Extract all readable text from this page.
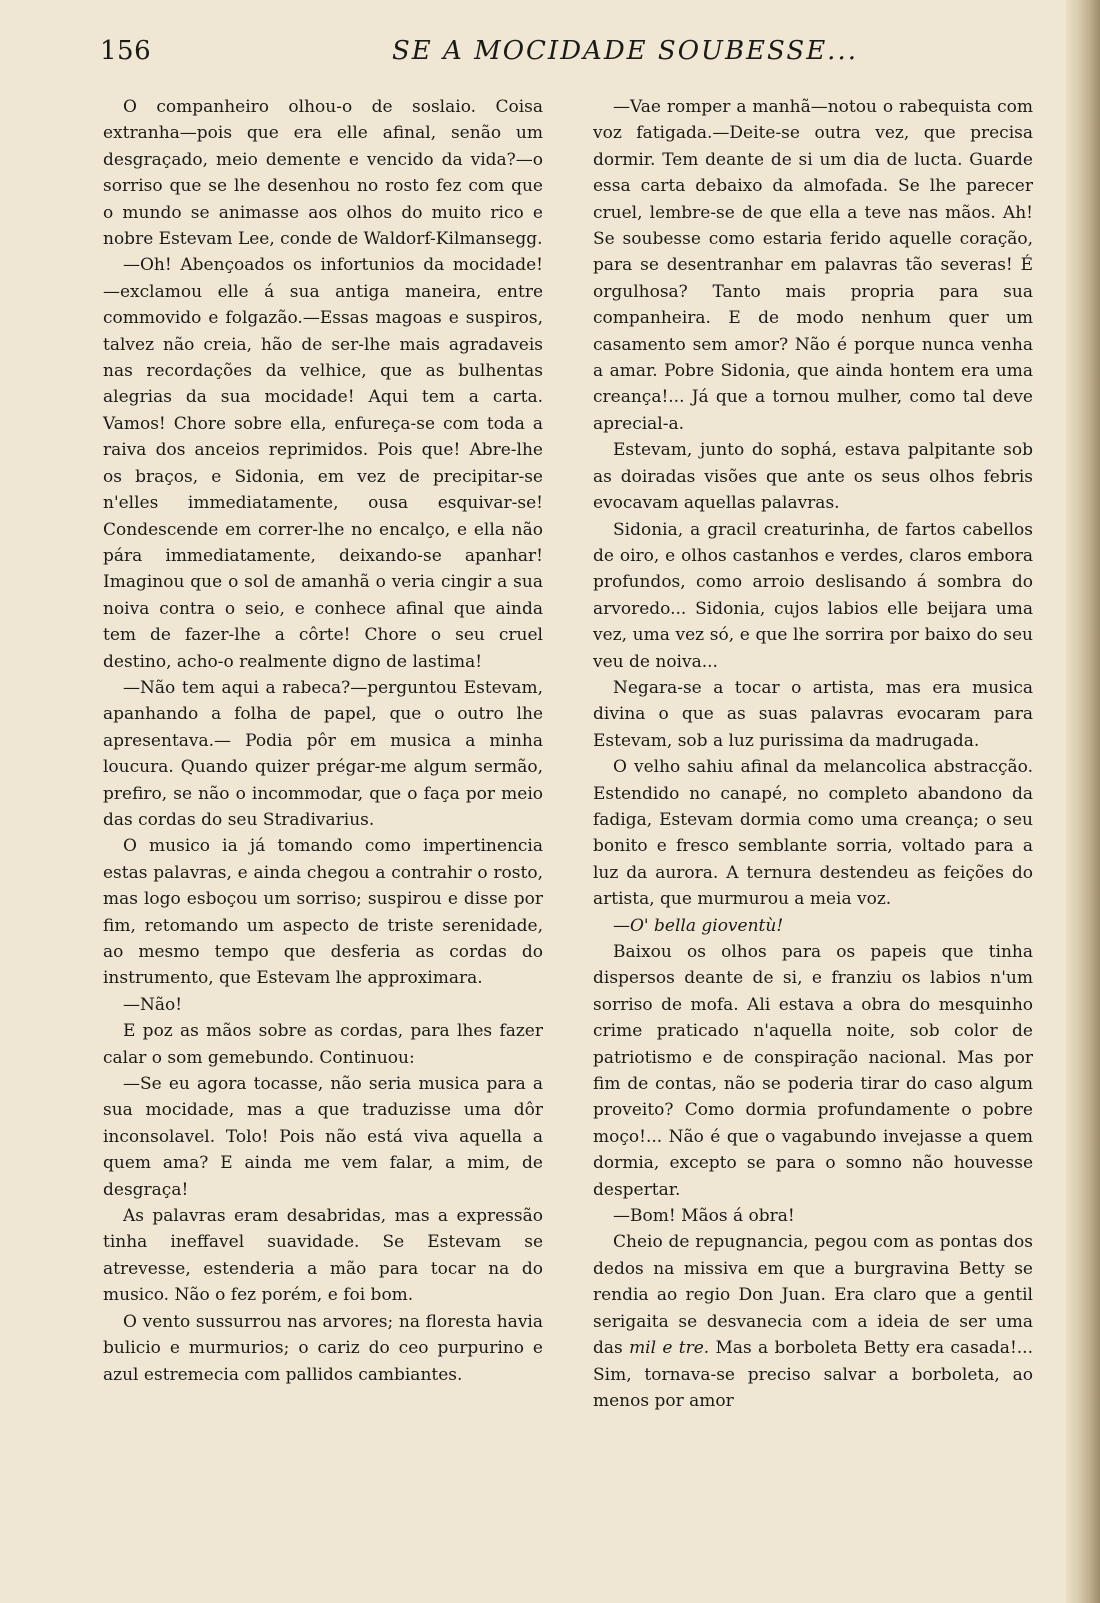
156	SE A MOCIDADE SOUBESSE...

O companheiro olhou-o de soslaio. Coisa extranha—pois que era elle afinal, senão um desgraçado, meio demente e vencido da vida?—o sorriso que se lhe desenhou no rosto fez com que o mundo se animasse aos olhos do muito rico e nobre Estevam Lee, conde de Waldorf-Kilmansegg.

—Oh! Abençoados os infortunios da mocidade!—exclamou elle á sua antiga maneira, entre commovido e folgazão.—Essas magoas e suspiros, talvez não creia, hão de ser-lhe mais agradaveis nas recordações da velhice, que as bulhentas alegrias da sua mocidade! Aqui tem a carta. Vamos! Chore sobre ella, enfureça-se com toda a raiva dos anceios reprimidos. Pois que! Abre-lhe os braços, e Sidonia, em vez de precipitar-se n'elles immediatamente, ousa esquivar-se! Condescende em correr-lhe no encalço, e ella não pára immediatamente, deixando-se apanhar! Imaginou que o sol de amanhã o veria cingir a sua noiva contra o seio, e conhece afinal que ainda tem de fazer-lhe a côrte! Chore o seu cruel destino, acho-o realmente digno de lastima!

—Não tem aqui a rabeca?—perguntou Estevam, apanhando a folha de papel, que o outro lhe apresentava.— Podia pôr em musica a minha loucura. Quando quizer prégar-me algum sermão, prefiro, se não o incommodar, que o faça por meio das cordas do seu Stradivarius.

O musico ia já tomando como impertinencia estas palavras, e ainda chegou a contrahir o rosto, mas logo esboçou um sorriso; suspirou e disse por fim, retomando um aspecto de triste serenidade, ao mesmo tempo que desferia as cordas do instrumento, que Estevam lhe approximara.

—Não!

E poz as mãos sobre as cordas, para lhes fazer calar o som gemebundo. Continuou:

—Se eu agora tocasse, não seria musica para a sua mocidade, mas a que traduzisse uma dôr inconsolavel. Tolo! Pois não está viva aquella a quem ama? E ainda me vem falar, a mim, de desgraça!

As palavras eram desabridas, mas a expressão tinha ineffavel suavidade. Se Estevam se atrevesse, estenderia a mão para tocar na do musico. Não o fez porém, e foi bom.

O vento sussurrou nas arvores; na floresta havia bulicio e murmurios; o cariz do ceo purpurino e azul estremecia com pallidos cambiantes.

—Vae romper a manhã—notou o rabequista com voz fatigada.—Deite-se outra vez, que precisa dormir. Tem deante de si um dia de lucta. Guarde essa carta debaixo da almofada. Se lhe parecer cruel, lembre-se de que ella a teve nas mãos. Ah! Se soubesse como estaria ferido aquelle coração, para se desentranhar em palavras tão severas! É orgulhosa? Tanto mais propria para sua companheira. E de modo nenhum quer um casamento sem amor? Não é porque nunca venha a amar. Pobre Sidonia, que ainda hontem era uma creança!... Já que a tornou mulher, como tal deve aprecial-a.

Estevam, junto do sophá, estava palpitante sob as doiradas visões que ante os seus olhos febris evocavam aquellas palavras.

Sidonia, a gracil creaturinha, de fartos cabellos de oiro, e olhos castanhos e verdes, claros embora profundos, como arroio deslisando á sombra do arvoredo... Sidonia, cujos labios elle beijara uma vez, uma vez só, e que lhe sorrira por baixo do seu veu de noiva...

Negara-se a tocar o artista, mas era musica divina o que as suas palavras evocaram para Estevam, sob a luz purissima da madrugada.

O velho sahiu afinal da melancolica abstracção. Estendido no canapé, no completo abandono da fadiga, Estevam dormia como uma creança; o seu bonito e fresco semblante sorria, voltado para a luz da aurora. A ternura destendeu as feições do artista, que murmurou a meia voz.

—O' bella gioventù!

Baixou os olhos para os papeis que tinha dispersos deante de si, e franziu os labios n'um sorriso de mofa. Ali estava a obra do mesquinho crime praticado n'aquella noite, sob color de patriotismo e de conspiração nacional. Mas por fim de contas, não se poderia tirar do caso algum proveito? Como dormia profundamente o pobre moço!... Não é que o vagabundo invejasse a quem dormia, excepto se para o somno não houvesse despertar.

—Bom! Mãos á obra!

Cheio de repugnancia, pegou com as pontas dos dedos na missiva em que a burgravina Betty se rendia ao regio Don Juan. Era claro que a gentil serigaita se desvanecia com a ideia de ser uma das mil e tre. Mas a borboleta Betty era casada!... Sim, tornava-se preciso salvar a borboleta, ao menos por amor
